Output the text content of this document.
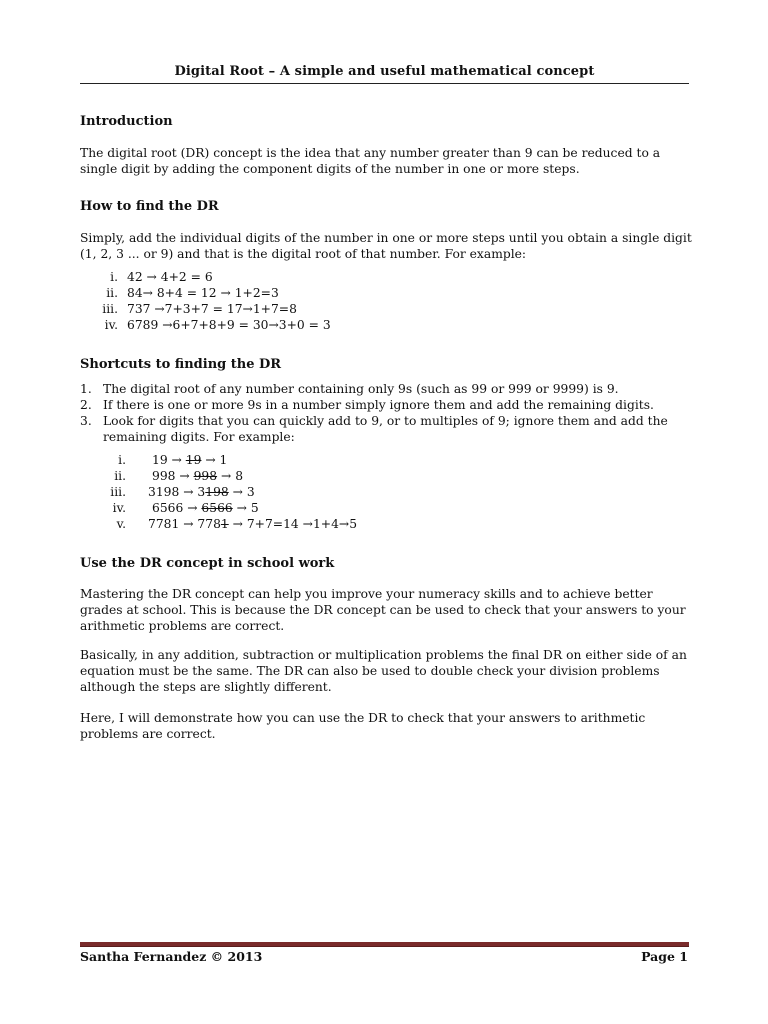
Digital Root – A simple and useful mathematical concept
Introduction
The digital root (DR) concept is the idea that any number greater than 9 can be reduced to a single digit by adding the component digits of the number in one or more steps.
How to find the DR
Simply, add the individual digits of the number in one or more steps until you obtain a single digit (1, 2, 3 ... or 9) and that is the digital root of that number. For example:
i. 42 → 4+2 = 6
ii. 84→ 8+4 = 12 → 1+2=3
iii. 737 →7+3+7 = 17→1+7=8
iv. 6789 →6+7+8+9 = 30→3+0 = 3
Shortcuts to finding the DR
1. The digital root of any number containing only 9s (such as 99 or 999 or 9999) is 9.
2. If there is one or more 9s in a number simply ignore them and add the remaining digits.
3. Look for digits that you can quickly add to 9, or to multiples of 9; ignore them and add the remaining digits. For example:
i. 19 → 19 → 1
ii. 998 → 998 → 8
iii. 3198 → 3198 → 3
iv. 6566 → 6566 → 5
v. 7781 → 7781 → 7+7=14 →1+4→5
Use the DR concept in school work
Mastering the DR concept can help you improve your numeracy skills and to achieve better grades at school. This is because the DR concept can be used to check that your answers to your arithmetic problems are correct.
Basically, in any addition, subtraction or multiplication problems the final DR on either side of an equation must be the same. The DR can also be used to double check your division problems although the steps are slightly different.
Here, I will demonstrate how you can use the DR to check that your answers to arithmetic problems are correct.
Santha Fernandez © 2013	Page 1
